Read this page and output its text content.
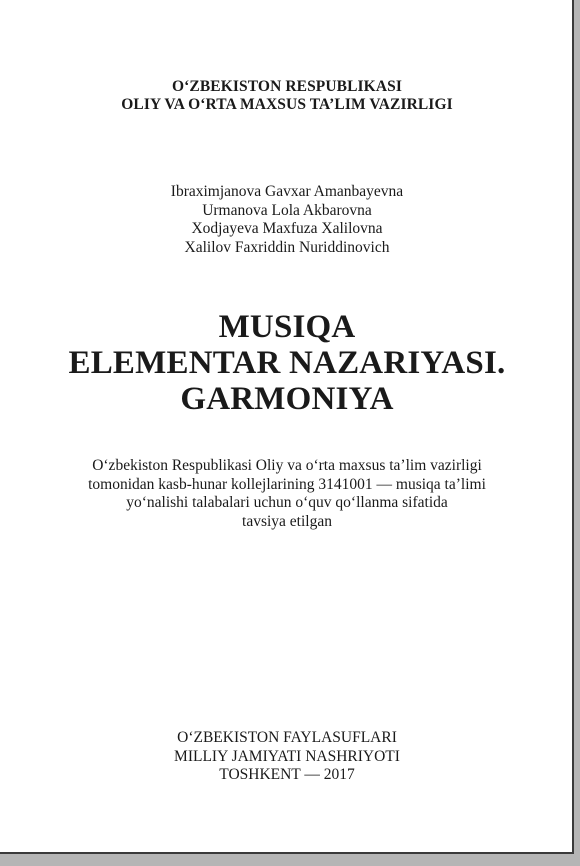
O‘ZBEKISTON RESPUBLIKASI
OLIY VA O‘RTA MAXSUS TA’LIM VAZIRLIGI
Ibraximjanova Gavxar Amanbayevna
Urmanova Lola Akbarovna
Xodjayeva Maxfuza Xalilovna
Xalilov Faxriddin Nuriddinovich
MUSIQA
ELEMENTAR NAZARIYASI.
GARMONIYA
O‘zbekiston Respublikasi Oliy va o‘rta maxsus ta’lim vazirligi
tomonidan kasb-hunar kollejlarining 3141001 — musiqa ta’limi
yo‘nalishi talabalari uchun o‘quv qo‘llanma sifatida
tavsiya etilgan
O‘ZBEKISTON FAYLASUFLARI
MILLIY JAMIYATI NASHRIYOTI
TOSHKENT — 2017
